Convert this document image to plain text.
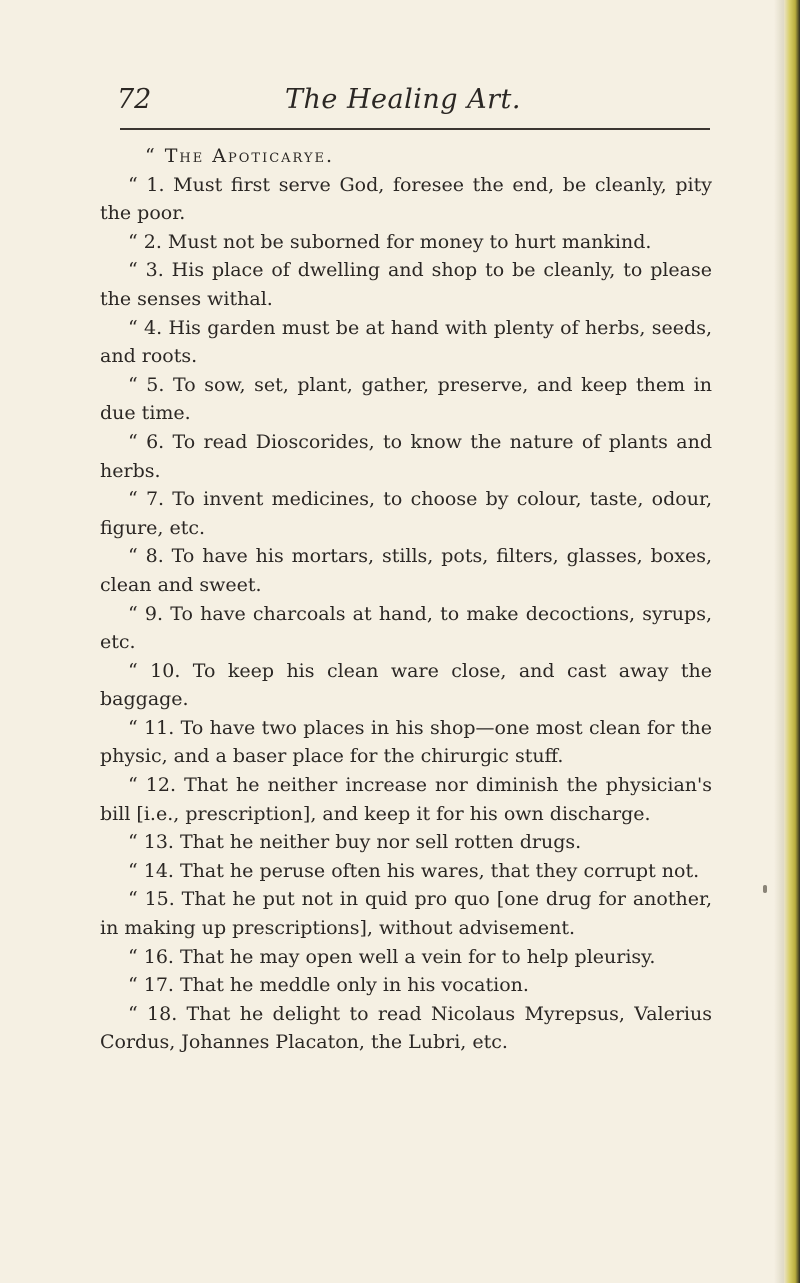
72	The Healing Art.
“ The Apoticarye.
“ 1. Must first serve God, foresee the end, be cleanly, pity the poor.
“ 2. Must not be suborned for money to hurt mankind.
“ 3. His place of dwelling and shop to be cleanly, to please the senses withal.
“ 4. His garden must be at hand with plenty of herbs, seeds, and roots.
“ 5. To sow, set, plant, gather, preserve, and keep them in due time.
“ 6. To read Dioscorides, to know the nature of plants and herbs.
“ 7. To invent medicines, to choose by colour, taste, odour, figure, etc.
“ 8. To have his mortars, stills, pots, filters, glasses, boxes, clean and sweet.
“ 9. To have charcoals at hand, to make decoctions, syrups, etc.
“ 10. To keep his clean ware close, and cast away the baggage.
“ 11. To have two places in his shop—one most clean for the physic, and a baser place for the chirurgic stuff.
“ 12. That he neither increase nor diminish the physician's bill [i.e., prescription], and keep it for his own discharge.
“ 13. That he neither buy nor sell rotten drugs.
“ 14. That he peruse often his wares, that they corrupt not.
“ 15. That he put not in quid pro quo [one drug for another, in making up prescriptions], without advisement.
“ 16. That he may open well a vein for to help pleurisy.
“ 17. That he meddle only in his vocation.
“ 18. That he delight to read Nicolaus Myrepsus, Valerius Cordus, Johannes Placaton, the Lubri, etc.
